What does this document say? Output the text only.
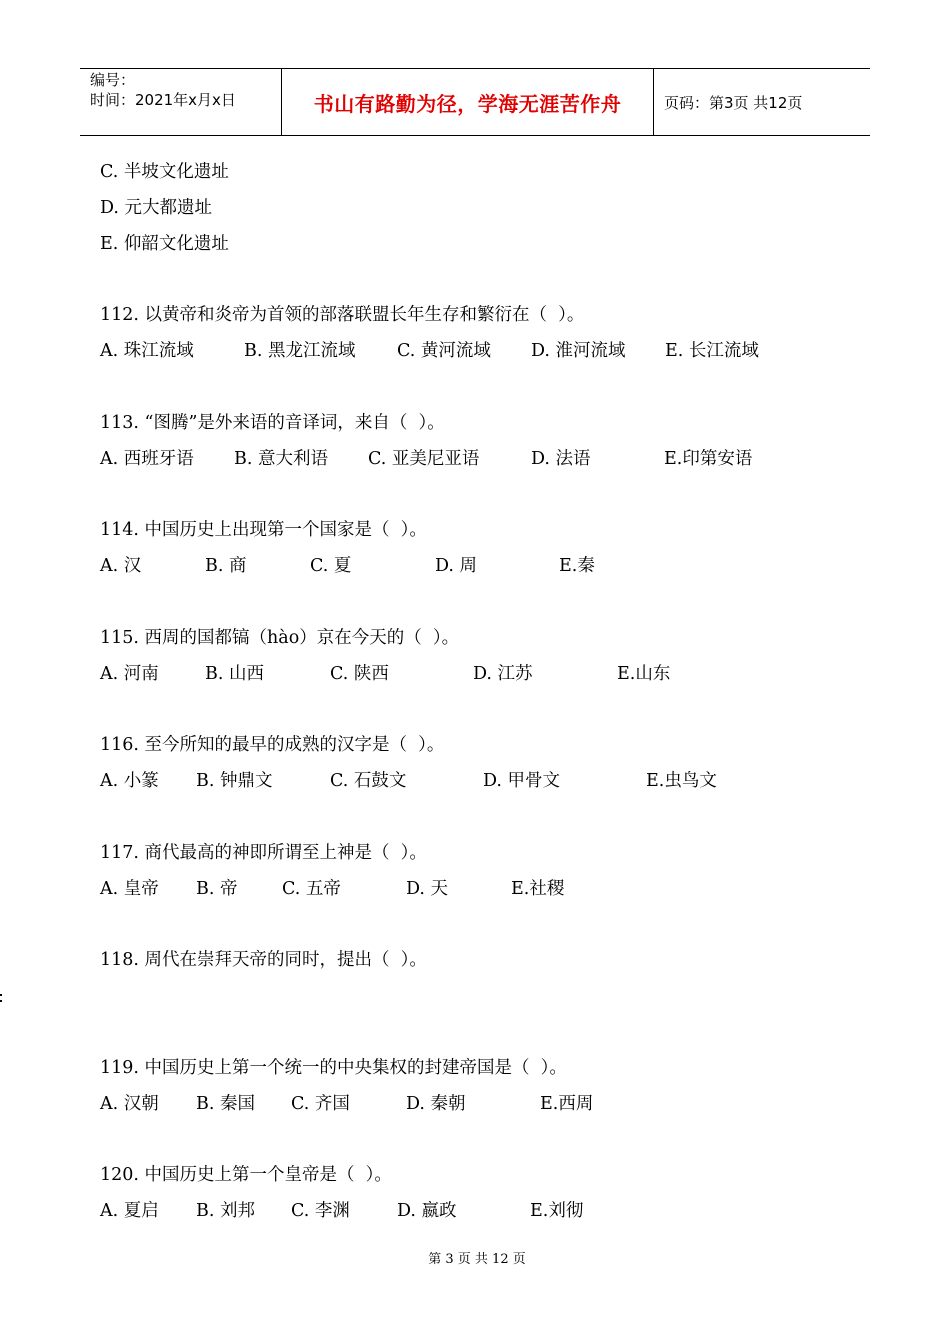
编号：
时间：2021年x月x日	书山有路勤为径，学海无涯苦作舟	页码：第3页 共12页
C. 半坡文化遗址
D. 元大都遗址
E. 仰韶文化遗址
112. 以黄帝和炎帝为首领的部落联盟长年生存和繁衍在（  ）。
A. 珠江流域	B. 黑龙江流域 C. 黄河流域 D. 淮河流域 E. 长江流域
113. “图腾”是外来语的音译词，来自（  ）。
A. 西班牙语 B. 意大利语 C. 亚美尼亚语	D. 法语	E.印第安语
114. 中国历史上出现第一个国家是（  ）。
A. 汉	B. 商	C. 夏	D. 周	E.秦
115. 西周的国都镐（hào）京在今天的（  ）。
A. 河南	B. 山西	C. 陕西	D. 江苏	E.山东
116. 至今所知的最早的成熟的汉字是（  ）。
A. 小篆 B. 钟鼎文	C. 石鼓文	D. 甲骨文	E.虫鸟文
117. 商代最高的神即所谓至上神是（  ）。
A. 皇帝 B. 帝	C. 五帝	D. 天	E.社稷
118. 周代在崇拜天帝的同时，提出（  ）。
119. 中国历史上第一个统一的中央集权的封建帝国是（  ）。
A. 汉朝 B. 秦国 C. 齐国	D. 秦朝	E.西周
120. 中国历史上第一个皇帝是（  ）。
A. 夏启 B. 刘邦 C. 李渊	D. 嬴政	E.刘彻
第 3 页 共 12 页
